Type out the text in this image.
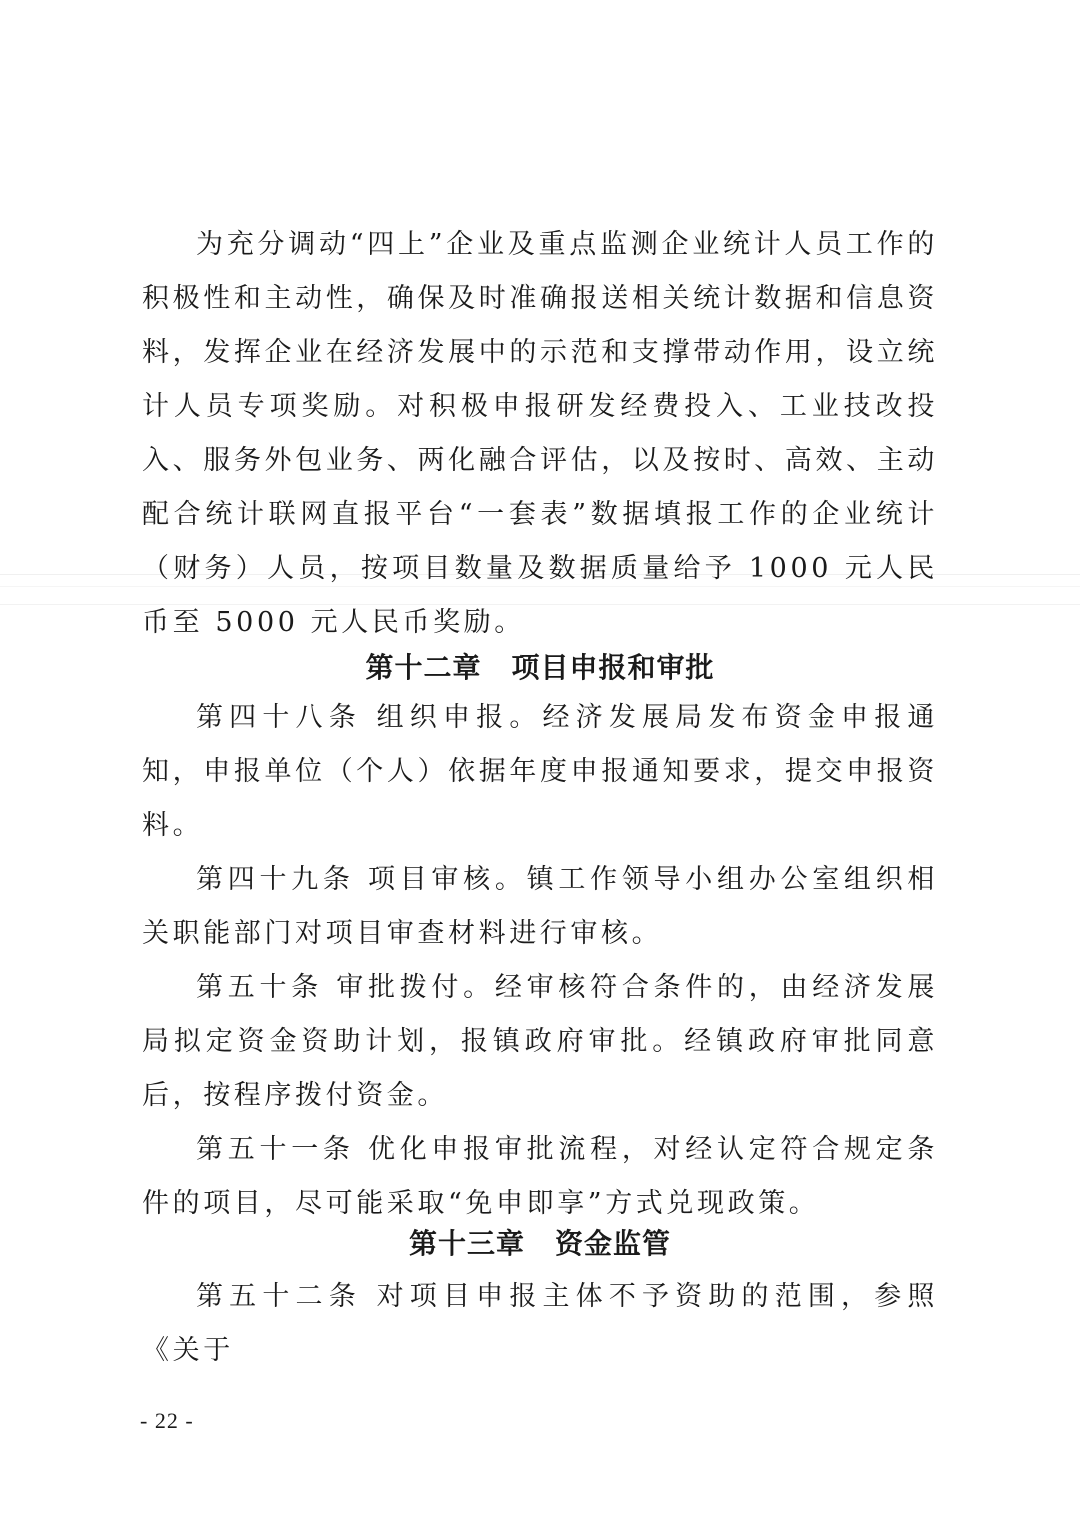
为充分调动“四上”企业及重点监测企业统计人员工作的积极性和主动性，确保及时准确报送相关统计数据和信息资料，发挥企业在经济发展中的示范和支撑带动作用，设立统计人员专项奖励。对积极申报研发经费投入、工业技改投入、服务外包业务、两化融合评估，以及按时、高效、主动配合统计联网直报平台“一套表”数据填报工作的企业统计（财务）人员，按项目数量及数据质量给予 1000 元人民币至 5000 元人民币奖励。

第十二章 项目申报和审批

第四十八条 组织申报。经济发展局发布资金申报通知，申报单位（个人）依据年度申报通知要求，提交申报资料。

第四十九条 项目审核。镇工作领导小组办公室组织相关职能部门对项目审查材料进行审核。

第五十条 审批拨付。经审核符合条件的，由经济发展局拟定资金资助计划，报镇政府审批。经镇政府审批同意后，按程序拨付资金。

第五十一条 优化申报审批流程，对经认定符合规定条件的项目，尽可能采取“免申即享”方式兑现政策。

第十三章 资金监管

第五十二条 对项目申报主体不予资助的范围，参照《关于

- 22 -
